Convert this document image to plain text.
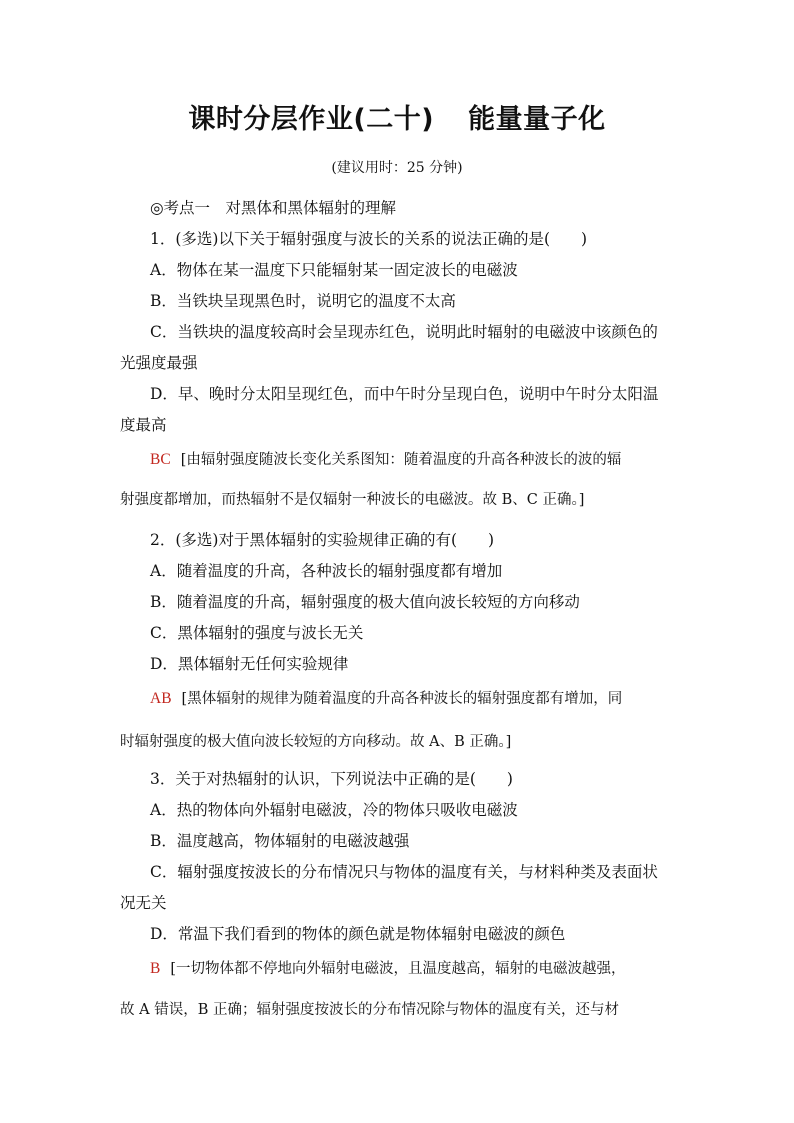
课时分层作业(二十) 能量量子化
(建议用时：25 分钟)
◎考点一　对黑体和黑体辐射的理解
1．(多选)以下关于辐射强度与波长的关系的说法正确的是(　　)
A．物体在某一温度下只能辐射某一固定波长的电磁波
B．当铁块呈现黑色时，说明它的温度不太高
C．当铁块的温度较高时会呈现赤红色，说明此时辐射的电磁波中该颜色的
光强度最强
D．早、晚时分太阳呈现红色，而中午时分呈现白色，说明中午时分太阳温
度最高
BC [由辐射强度随波长变化关系图知：随着温度的升高各种波长的波的辐
射强度都增加，而热辐射不是仅辐射一种波长的电磁波。故 B、C 正确。]
2．(多选)对于黑体辐射的实验规律正确的有(　　)
A．随着温度的升高，各种波长的辐射强度都有增加
B．随着温度的升高，辐射强度的极大值向波长较短的方向移动
C．黑体辐射的强度与波长无关
D．黑体辐射无任何实验规律
AB [黑体辐射的规律为随着温度的升高各种波长的辐射强度都有增加，同
时辐射强度的极大值向波长较短的方向移动。故 A、B 正确。]
3．关于对热辐射的认识，下列说法中正确的是(　　)
A．热的物体向外辐射电磁波，冷的物体只吸收电磁波
B．温度越高，物体辐射的电磁波越强
C．辐射强度按波长的分布情况只与物体的温度有关，与材料种类及表面状
况无关
D．常温下我们看到的物体的颜色就是物体辐射电磁波的颜色
B [一切物体都不停地向外辐射电磁波，且温度越高，辐射的电磁波越强，
故 A 错误，B 正确；辐射强度按波长的分布情况除与物体的温度有关，还与材
